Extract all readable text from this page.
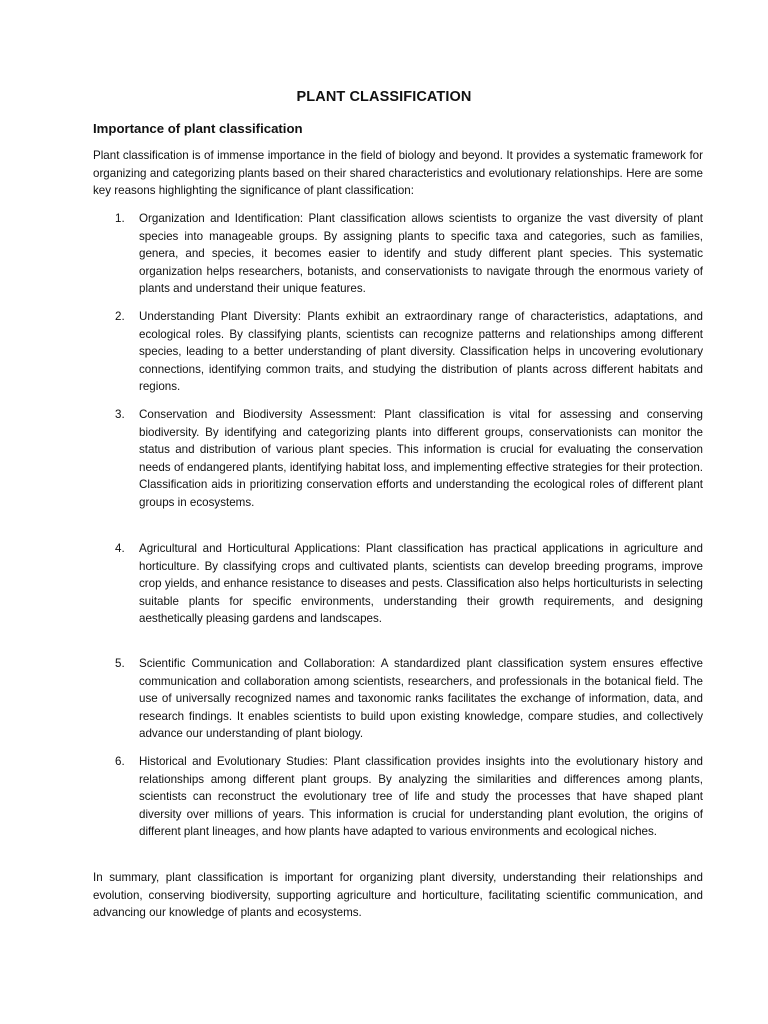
PLANT CLASSIFICATION
Importance of plant classification

Plant classification is of immense importance in the field of biology and beyond. It provides a systematic framework for organizing and categorizing plants based on their shared characteristics and evolutionary relationships. Here are some key reasons highlighting the significance of plant classification:

1.	Organization and Identification: Plant classification allows scientists to organize the vast diversity of plant species into manageable groups. By assigning plants to specific taxa and categories, such as families, genera, and species, it becomes easier to identify and study different plant species. This systematic organization helps researchers, botanists, and conservationists to navigate through the enormous variety of plants and understand their unique features.
2.	Understanding Plant Diversity: Plants exhibit an extraordinary range of characteristics, adaptations, and ecological roles. By classifying plants, scientists can recognize patterns and relationships among different species, leading to a better understanding of plant diversity. Classification helps in uncovering evolutionary connections, identifying common traits, and studying the distribution of plants across different habitats and regions.
3.	Conservation and Biodiversity Assessment: Plant classification is vital for assessing and conserving biodiversity. By identifying and categorizing plants into different groups, conservationists can monitor the status and distribution of various plant species. This information is crucial for evaluating the conservation needs of endangered plants, identifying habitat loss, and implementing effective strategies for their protection. Classification aids in prioritizing conservation efforts and understanding the ecological roles of different plant groups in ecosystems.
4.	Agricultural and Horticultural Applications: Plant classification has practical applications in agriculture and horticulture. By classifying crops and cultivated plants, scientists can develop breeding programs, improve crop yields, and enhance resistance to diseases and pests. Classification also helps horticulturists in selecting suitable plants for specific environments, understanding their growth requirements, and designing aesthetically pleasing gardens and landscapes.
5.	Scientific Communication and Collaboration: A standardized plant classification system ensures effective communication and collaboration among scientists, researchers, and professionals in the botanical field. The use of universally recognized names and taxonomic ranks facilitates the exchange of information, data, and research findings. It enables scientists to build upon existing knowledge, compare studies, and collectively advance our understanding of plant biology.
6.	Historical and Evolutionary Studies: Plant classification provides insights into the evolutionary history and relationships among different plant groups. By analyzing the similarities and differences among plants, scientists can reconstruct the evolutionary tree of life and study the processes that have shaped plant diversity over millions of years. This information is crucial for understanding plant evolution, the origins of different plant lineages, and how plants have adapted to various environments and ecological niches.

In summary, plant classification is important for organizing plant diversity, understanding their relationships and evolution, conserving biodiversity, supporting agriculture and horticulture, facilitating scientific communication, and advancing our knowledge of plants and ecosystems.
